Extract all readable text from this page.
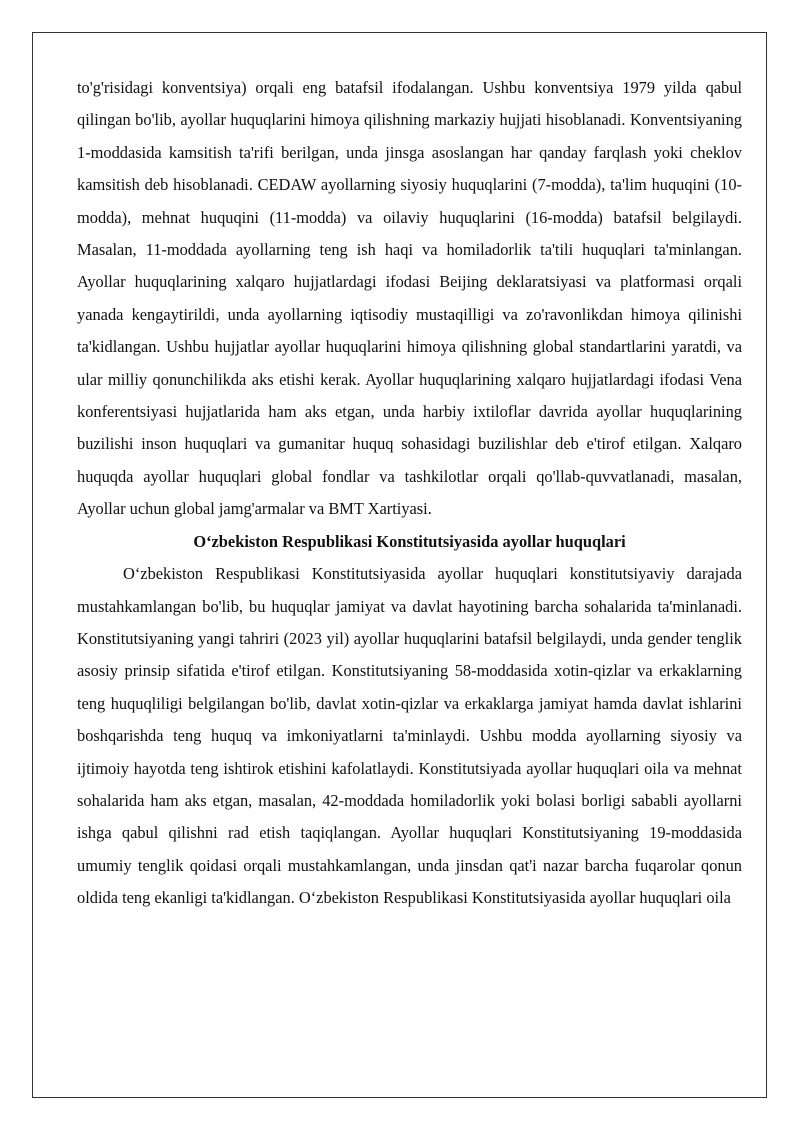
to'g'risidagi konventsiya) orqali eng batafsil ifodalangan. Ushbu konventsiya 1979 yilda qabul qilingan bo'lib, ayollar huquqlarini himoya qilishning markaziy hujjati hisoblanadi. Konventsiyaning 1-moddasida kamsitish ta'rifi berilgan, unda jinsga asoslangan har qanday farqlash yoki cheklov kamsitish deb hisoblanadi. CEDAW ayollarning siyosiy huquqlarini (7-modda), ta'lim huquqini (10-modda), mehnat huquqini (11-modda) va oilaviy huquqlarini (16-modda) batafsil belgilaydi. Masalan, 11-moddada ayollarning teng ish haqi va homiladorlik ta'tili huquqlari ta'minlangan. Ayollar huquqlarining xalqaro hujjatlardagi ifodasi Beijing deklaratsiyasi va platformasi orqali yanada kengaytirildi, unda ayollarning iqtisodiy mustaqilligi va zo'ravonlikdan himoya qilinishi ta'kidlangan. Ushbu hujjatlar ayollar huquqlarini himoya qilishning global standartlarini yaratdi, va ular milliy qonunchilikda aks etishi kerak. Ayollar huquqlarining xalqaro hujjatlardagi ifodasi Vena konferentsiyasi hujjatlarida ham aks etgan, unda harbiy ixtiloflar davrida ayollar huquqlarining buzilishi inson huquqlari va gumanitar huquq sohasidagi buzilishlar deb e'tirof etilgan. Xalqaro huquqda ayollar huquqlari global fondlar va tashkilotlar orqali qo'llab-quvvatlanadi, masalan, Ayollar uchun global jamg'armalar va BMT Xartiyasi.

O‘zbekiston Respublikasi Konstitutsiyasida ayollar huquqlari

O‘zbekiston Respublikasi Konstitutsiyasida ayollar huquqlari konstitutsiyaviy darajada mustahkamlangan bo'lib, bu huquqlar jamiyat va davlat hayotining barcha sohalarida ta'minlanadi. Konstitutsiyaning yangi tahriri (2023 yil) ayollar huquqlarini batafsil belgilaydi, unda gender tenglik asosiy prinsip sifatida e'tirof etilgan. Konstitutsiyaning 58-moddasida xotin-qizlar va erkaklarning teng huquqliligi belgilangan bo'lib, davlat xotin-qizlar va erkaklarga jamiyat hamda davlat ishlarini boshqarishda teng huquq va imkoniyatlarni ta'minlaydi. Ushbu modda ayollarning siyosiy va ijtimoiy hayotda teng ishtirok etishini kafolatlaydi. Konstitutsiyada ayollar huquqlari oila va mehnat sohalarida ham aks etgan, masalan, 42-moddada homiladorlik yoki bolasi borligi sababli ayollarni ishga qabul qilishni rad etish taqiqlangan. Ayollar huquqlari Konstitutsiyaning 19-moddasida umumiy tenglik qoidasi orqali mustahkamlangan, unda jinsdan qat'i nazar barcha fuqarolar qonun oldida teng ekanligi ta'kidlangan. O‘zbekiston Respublikasi Konstitutsiyasida ayollar huquqlari oila
